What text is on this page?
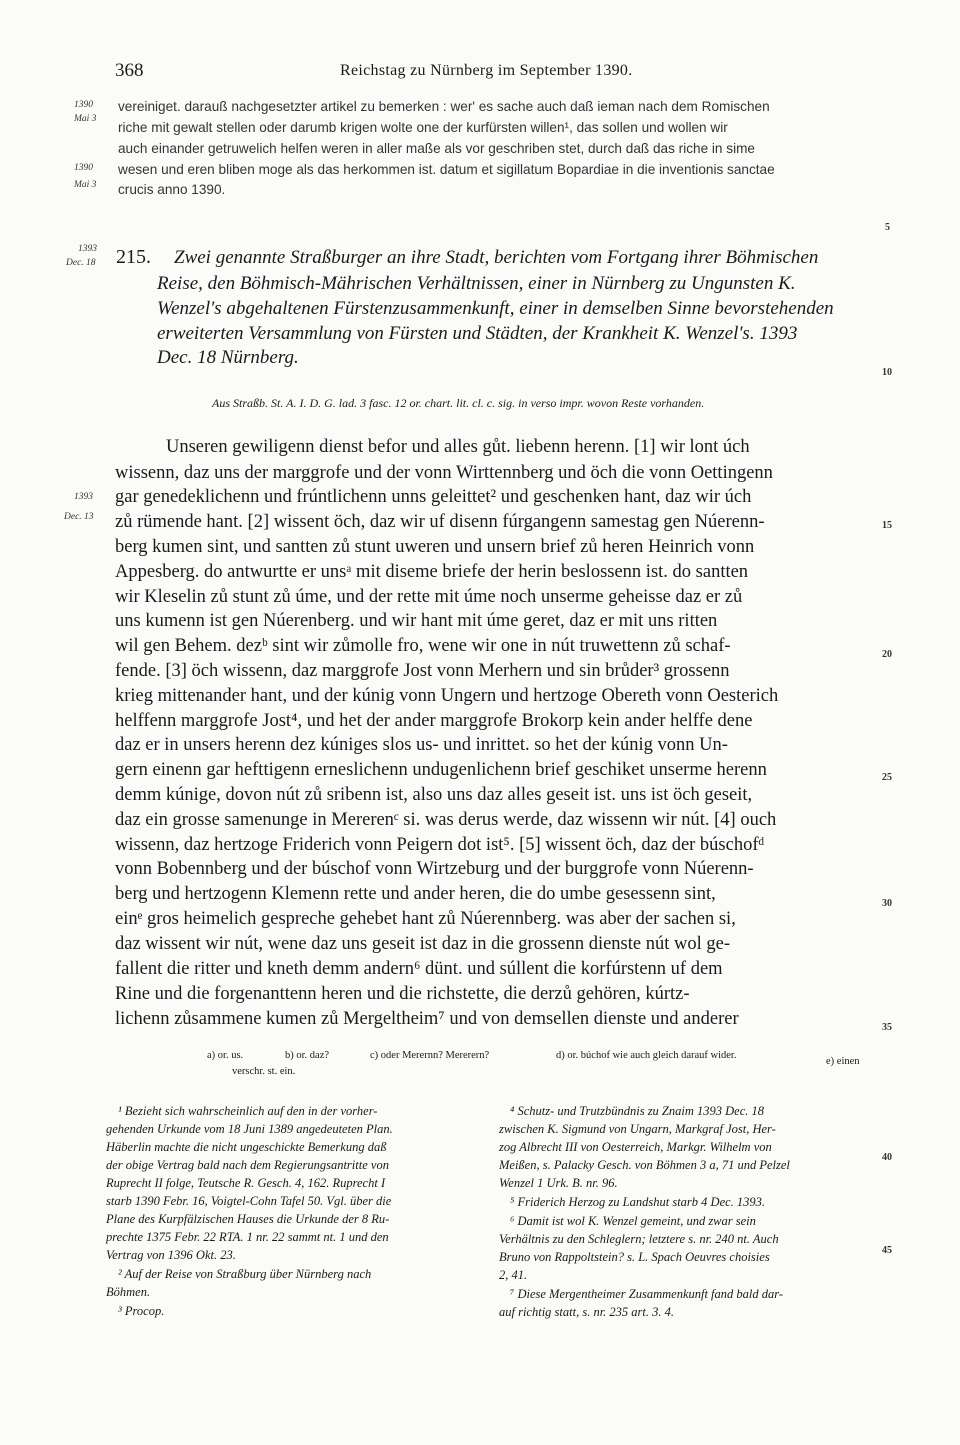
368	Reichstag zu Nürnberg im September 1390.
vereiniget. darauß nachgesetzter artikel zu bemerken : wer' es sache auch daß ieman nach dem Romischen
riche mit gewalt stellen oder darumb krigen wolte one der kurfürsten willen¹, das sollen und wollen wir
auch einander getruwelich helfen weren in aller maße als vor geschriben stet, durch daß das riche in sime
wesen und eren bliben moge als das herkommen ist. datum et sigillatum Bopardiae in die inventionis sanctae
crucis anno 1390.
1390
Mai 3
1390
Mai 3
1393
Dec. 18
1393
Dec. 13
5
10
15
20
25
30
35
40
45
215. Zwei genannte Straßburger an ihre Stadt, berichten vom Fortgang ihrer Böhmischen
Reise, den Böhmisch-Mährischen Verhältnissen, einer in Nürnberg zu Ungunsten K.
Wenzel's abgehaltenen Fürstenzusammenkunft, einer in demselben Sinne bevorstehenden
erweiterten Versammlung von Fürsten und Städten, der Krankheit K. Wenzel's. 1393
Dec. 18 Nürnberg.
Aus Straßb. St. A. I. D. G. lad. 3 fasc. 12 or. chart. lit. cl. c. sig. in verso impr. wovon Reste vorhanden.
Unseren gewiligenn dienst befor und alles gůt. liebenn herenn. [1] wir lont úch
wissenn, daz uns der marggrofe und der vonn Wirttennberg und öch die vonn Oettingenn
gar genedeklichenn und frúntlichenn unns geleittet² und geschenken hant, daz wir úch
zů rümende hant. [2] wissent öch, daz wir uf disenn fúrgangenn samestag gen Núerenn-
berg kumen sint, und santten zů stunt uweren und unsern brief zů heren Heinrich vonn
Appesberg. do antwurtte er unsᵃ mit diseme briefe der herin beslossenn ist. do santten
wir Kleselin zů stunt zů úme, und der rette mit úme noch unserme geheisse daz er zů
uns kumenn ist gen Núerenberg. und wir hant mit úme geret, daz er mit uns ritten
wil gen Behem. dezᵇ sint wir zůmolle fro, wene wir one in nút truwettenn zů schaf-
fende. [3] öch wissenn, daz marggrofe Jost vonn Merhern und sin brůder³ grossenn
krieg mittenander hant, und der kúnig vonn Ungern und hertzoge Obereth vonn Oesterich
helffenn marggrofe Jost⁴, und het der ander marggrofe Brokorp kein ander helffe dene
daz er in unsers herenn dez kúniges slos us- und inrittet. so het der kúnig vonn Un-
gern einenn gar hefttigenn erneslichenn undugenlichenn brief geschiket unserme herenn
demm kúnige, dovon nút zů sribenn ist, also uns daz alles geseit ist. uns ist öch geseit,
daz ein grosse samenunge in Mererenᶜ si. was derus werde, daz wissenn wir nút. [4] ouch
wissenn, daz hertzoge Friderich vonn Peigern dot ist⁵. [5] wissent öch, daz der búschofᵈ
vonn Bobennberg und der búschof vonn Wirtzeburg und der burggrofe vonn Núerenn-
berg und hertzogenn Klemenn rette und ander heren, die do umbe gesessenn sint,
einᵉ gros heimelich gespreche gehebet hant zů Núerennberg. was aber der sachen si,
daz wissent wir nút, wene daz uns geseit ist daz in die grossenn dienste nút wol ge-
fallent die ritter und kneth demm andern⁶ dünt. und súllent die korfúrstenn uf dem
Rine und die forgenanttenn heren und die richstette, die derzů gehören, kúrtz-
lichenn zůsammene kumen zů Mergeltheim⁷ und von demsellen dienste und anderer
a) or. us.	b) or. daz?	c) oder Merernn? Mererern?	d) or. búchof wie auch gleich darauf wider.
e) einen
verschr. st. ein.
¹ Bezieht sich wahrscheinlich auf den in der vorher-
gehenden Urkunde vom 18 Juni 1389 angedeuteten Plan.
Häberlin machte die nicht ungeschickte Bemerkung daß
der obige Vertrag bald nach dem Regierungsantritte von
Ruprecht II folge, Teutsche R. Gesch. 4, 162. Ruprecht I
starb 1390 Febr. 16, Voigtel-Cohn Tafel 50. Vgl. über die
Plane des Kurpfälzischen Hauses die Urkunde der 8 Ru-
prechte 1375 Febr. 22 RTA. 1 nr. 22 sammt nt. 1 und den
Vertrag von 1396 Okt. 23.
² Auf der Reise von Straßburg über Nürnberg nach
Böhmen.
³ Procop.
⁴ Schutz- und Trutzbündnis zu Znaim 1393 Dec. 18
zwischen K. Sigmund von Ungarn, Markgraf Jost, Her-
zog Albrecht III von Oesterreich, Markgr. Wilhelm von
Meißen, s. Palacky Gesch. von Böhmen 3 a, 71 und Pelzel
Wenzel 1 Urk. B. nr. 96.
⁵ Friderich Herzog zu Landshut starb 4 Dec. 1393.
⁶ Damit ist wol K. Wenzel gemeint, und zwar sein
Verhältnis zu den Schleglern; letztere s. nr. 240 nt. Auch
Bruno von Rappoltstein? s. L. Spach Oeuvres choisies
2, 41.
⁷ Diese Mergentheimer Zusammenkunft fand bald dar-
auf richtig statt, s. nr. 235 art. 3. 4.
